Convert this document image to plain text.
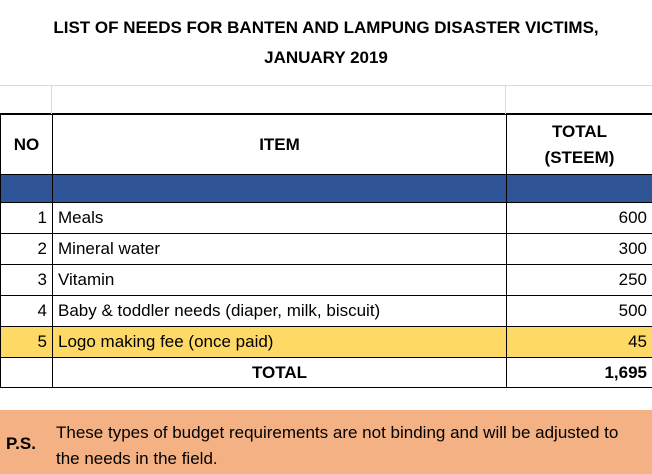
LIST OF NEEDS FOR BANTEN AND LAMPUNG DISASTER VICTIMS,
JANUARY 2019
NO	ITEM	TOTAL
(STEEM)

1	Meals	600
2	Mineral water	300
3	Vitamin	250
4	Baby & toddler needs (diaper, milk, biscuit)	500
5	Logo making fee (once paid)	45
	TOTAL	1,695
P.S.
These types of budget requirements are not binding and will be adjusted to the needs in the field.
